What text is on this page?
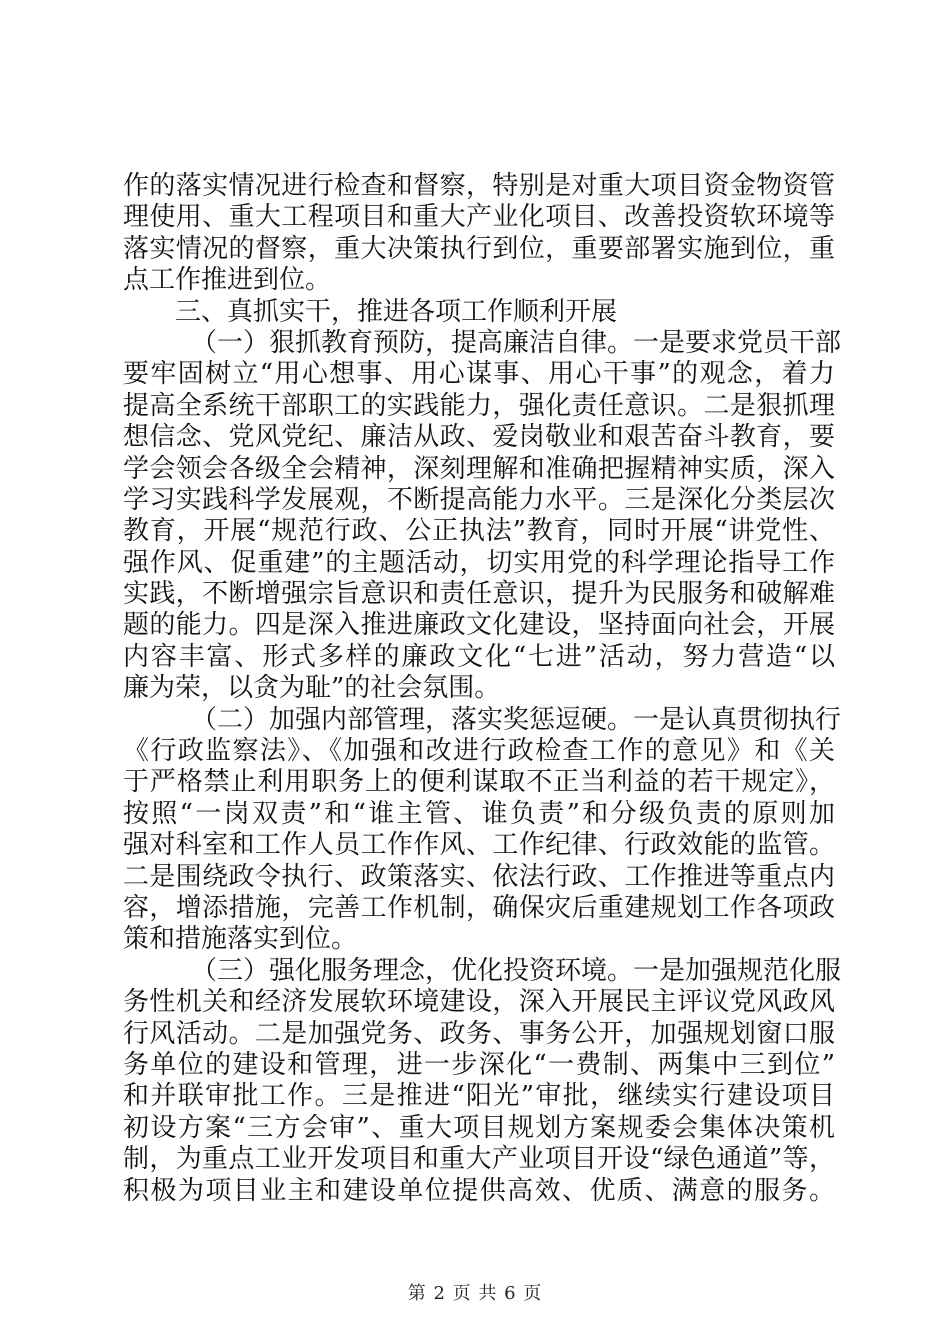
作的落实情况进行检查和督察，特别是对重大项目资金物资管
理使用、重大工程项目和重大产业化项目、改善投资软环境等
落实情况的督察，重大决策执行到位，重要部署实施到位，重
点工作推进到位。
三、真抓实干，推进各项工作顺利开展
（一）狠抓教育预防，提高廉洁自律。一是要求党员干部
要牢固树立“用心想事、用心谋事、用心干事”的观念，着力
提高全系统干部职工的实践能力，强化责任意识。二是狠抓理
想信念、党风党纪、廉洁从政、爱岗敬业和艰苦奋斗教育，要
学会领会各级全会精神，深刻理解和准确把握精神实质，深入
学习实践科学发展观，不断提高能力水平。三是深化分类层次
教育，开展“规范行政、公正执法”教育，同时开展“讲党性、
强作风、促重建”的主题活动，切实用党的科学理论指导工作
实践，不断增强宗旨意识和责任意识，提升为民服务和破解难
题的能力。四是深入推进廉政文化建设，坚持面向社会，开展
内容丰富、形式多样的廉政文化“七进”活动，努力营造“以
廉为荣，以贪为耻”的社会氛围。
（二）加强内部管理，落实奖惩逗硬。一是认真贯彻执行
《行政监察法》、《加强和改进行政检查工作的意见》和《关
于严格禁止利用职务上的便利谋取不正当利益的若干规定》，
按照“一岗双责”和“谁主管、谁负责”和分级负责的原则加
强对科室和工作人员工作作风、工作纪律、行政效能的监管。
二是围绕政令执行、政策落实、依法行政、工作推进等重点内
容，增添措施，完善工作机制，确保灾后重建规划工作各项政
策和措施落实到位。
（三）强化服务理念，优化投资环境。一是加强规范化服
务性机关和经济发展软环境建设，深入开展民主评议党风政风
行风活动。二是加强党务、政务、事务公开，加强规划窗口服
务单位的建设和管理，进一步深化“一费制、两集中三到位”
和并联审批工作。三是推进“阳光”审批，继续实行建设项目
初设方案“三方会审”、重大项目规划方案规委会集体决策机
制，为重点工业开发项目和重大产业项目开设“绿色通道”等，
积极为项目业主和建设单位提供高效、优质、满意的服务。
第 2 页 共 6 页
